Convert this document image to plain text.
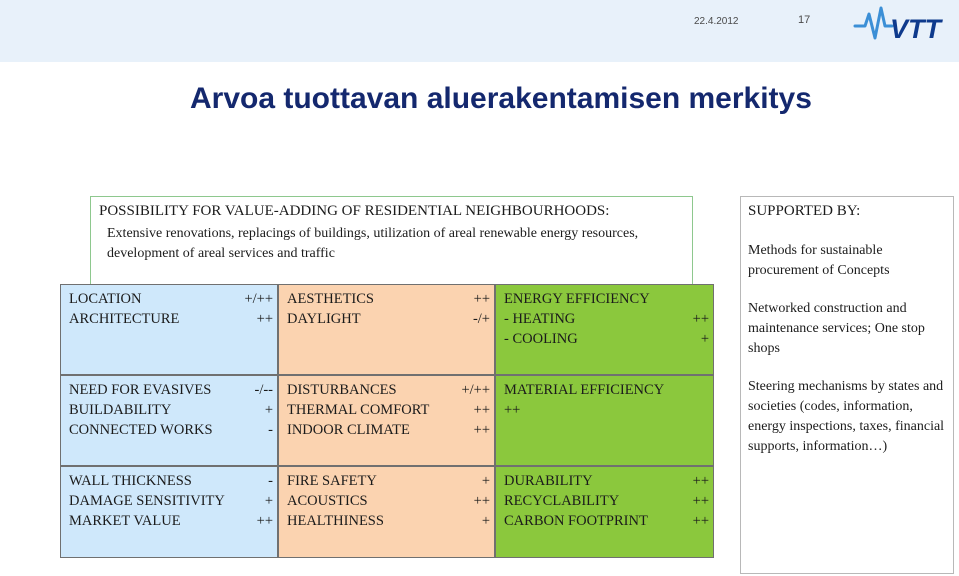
22.4.2012	17	VTT
Arvoa tuottavan aluerakentamisen merkitys
POSSIBILITY FOR VALUE-ADDING OF RESIDENTIAL NEIGHBOURHOODS:
Extensive renovations, replacings of buildings, utilization of areal renewable energy resources, development of areal services and traffic
LOCATION	+/++
ARCHITECTURE	++
AESTHETICS	++
DAYLIGHT	-/+
ENERGY EFFICIENCY
- HEATING	++
- COOLING	+
NEED FOR EVASIVES	-/--
BUILDABILITY	+
CONNECTED WORKS	-
DISTURBANCES	+/++
THERMAL COMFORT	++
INDOOR CLIMATE	++
MATERIAL EFFICIENCY
++
WALL THICKNESS	-
DAMAGE SENSITIVITY	+
MARKET VALUE	++
FIRE SAFETY	+
ACOUSTICS	++
HEALTHINESS	+
DURABILITY	++
RECYCLABILITY	++
CARBON FOOTPRINT	++
SUPPORTED BY:
Methods for sustainable procurement of Concepts
Networked construction and maintenance services; One stop shops
Steering mechanisms by states and societies (codes, information, energy inspections, taxes, financial supports, information…)
